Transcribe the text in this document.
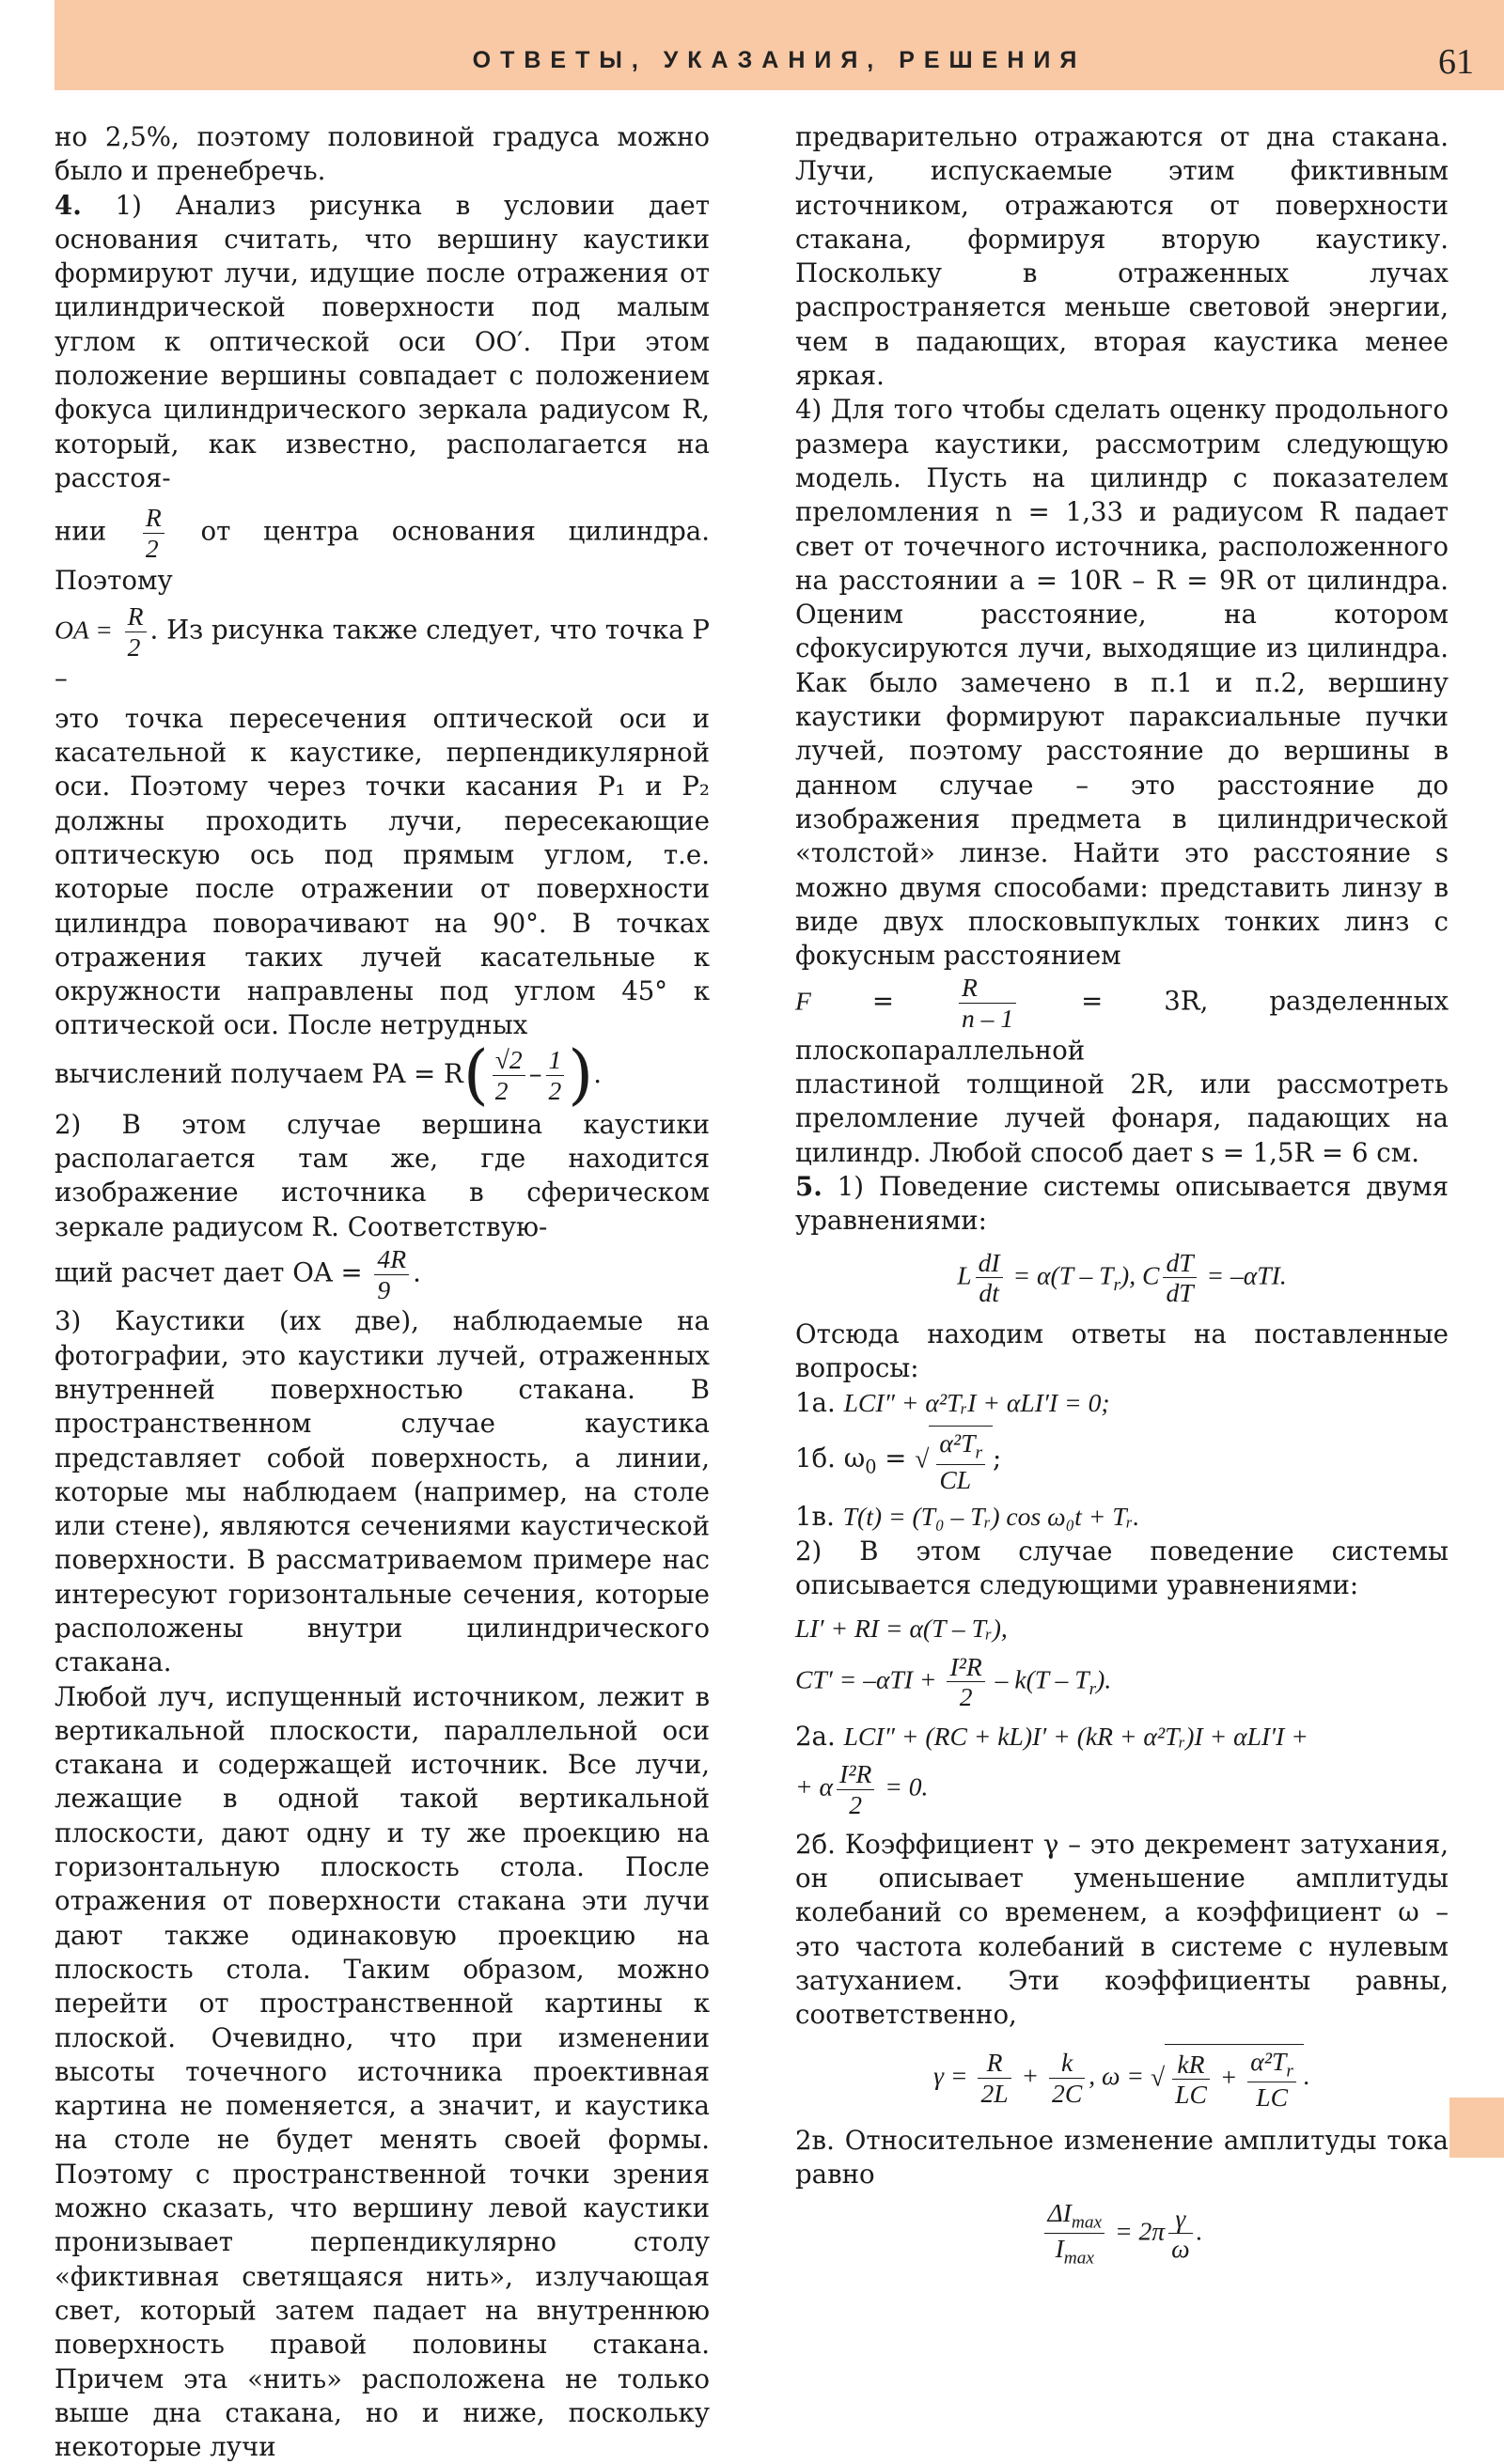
ОТВЕТЫ, УКАЗАНИЯ, РЕШЕНИЯ	61

но 2,5%, поэтому половиной градуса можно было и пренебречь.

4. 1) Анализ рисунка в условии дает основания считать, что вершину каустики формируют лучи, идущие после отражения от цилиндрической поверхности под малым углом к оптической оси OO′. При этом положение вершины совпадает с положением фокуса цилиндрического зеркала радиусом R, который, как известно, располагается на расстоя-

нии $\frac{R}{2}$ от центра основания цилиндра. Поэтому

OA = $\frac{R}{2}$ . Из рисунка также следует, что точка P –

это точка пересечения оптической оси и касательной к каустике, перпендикулярной оси. Поэтому через точки касания P₁ и P₂ должны проходить лучи, пересекающие оптическую ось под прямым углом, т.е. которые после отражении от поверхности цилиндра поворачивают на 90°. В точках отражения таких лучей касательные к окружности направлены под углом 45° к оптической оси. После нетрудных

вычислений получаем PA = $R( \frac{√2}{2} - \frac{1}{2}$ ).

2) В этом случае вершина каустики располагается там же, где находится изображение источника в сферическом зеркале радиусом R. Соответствую-

щий расчет дает OA = $\frac{4R}{9}$ .

3) Каустики (их две), наблюдаемые на фотографии, это каустики лучей, отраженных внутренней поверхностью стакана. В пространственном случае каустика представляет собой поверхность, а линии, которые мы наблюдаем (например, на столе или стене), являются сечениями каустической поверхности. В рассматриваемом примере нас интересуют горизонтальные сечения, которые расположены внутри цилиндрического стакана.

Любой луч, испущенный источником, лежит в вертикальной плоскости, параллельной оси стакана и содержащей источник. Все лучи, лежащие в одной такой вертикальной плоскости, дают одну и ту же проекцию на горизонтальную плоскость стола. После отражения от поверхности стакана эти лучи дают также одинаковую проекцию на плоскость стола. Таким образом, можно перейти от пространственной картины к плоской. Очевидно, что при изменении высоты точечного источника проективная картина не поменяется, а значит, и каустика на столе не будет менять своей формы. Поэтому с пространственной точки зрения можно сказать, что вершину левой каустики пронизывает перпендикулярно столу «фиктивная светящаяся нить», излучающая свет, который затем падает на внутреннюю поверхность правой половины стакана. Причем эта «нить» расположена не только выше дна стакана, но и ниже, поскольку некоторые лучи

предварительно отражаются от дна стакана. Лучи, испускаемые этим фиктивным источником, отражаются от поверхности стакана, формируя вторую каустику. Поскольку в отраженных лучах распространяется меньше световой энергии, чем в падающих, вторая каустика менее яркая.

4) Для того чтобы сделать оценку продольного размера каустики, рассмотрим следующую модель. Пусть на цилиндр с показателем преломления n = 1,33 и радиусом R падает свет от точечного источника, расположенного на расстоянии a = 10R – R = 9R от цилиндра. Оценим расстояние, на котором сфокусируются лучи, выходящие из цилиндра. Как было замечено в п.1 и п.2, вершину каустики формируют параксиальные пучки лучей, поэтому расстояние до вершины в данном случае – это расстояние до изображения предмета в цилиндрической «толстой» линзе. Найти это расстояние s можно двумя способами: представить линзу в виде двух плосковыпуклых тонких линз с фокусным расстоянием

$F = \frac{R}{n - 1}$	= 3R, разделенных плоскопараллельной

пластиной толщиной 2R, или рассмотреть преломление лучей фонаря, падающих на цилиндр. Любой способ дает s = 1,5R = 6 см.

5. 1) Поведение системы описывается двумя уравнениями:

L $\frac{dI}{dt} = \alpha(T - T_r)$, C $\frac{dT}{dT} = -\alpha TI$.

Отсюда находим ответы на поставленные вопросы:

1а. LCI″ + α²TᵣI + αLI′I = 0;

1б. $\omega_0$ = √ $\frac{\alpha^2T_r}{CL}$ ;

1в. T(t) = (T₀ – Tᵣ) cos ω₀t + Tᵣ.

2) В этом случае поведение системы описывается следующими уравнениями:

LI′ + RI = α(T – Tᵣ),
$CT' = -\alpha TI + \frac{\text{I²R}}{2} - k(T - T_r)$.

2а. LCI″ + (RC + kL)I′ + (kR + α²Tᵣ)I + αLI′I +

+ α $\frac{\text{I²R}}{2} = 0$.

2б. Коэффициент γ – это декремент затухания, он описывает уменьшение амплитуды колебаний со временем, а коэффициент ω – это частота колебаний в системе с нулевым затуханием. Эти коэффициенты равны, соответственно,

$\gamma = \frac{R}{2L} + \frac{k}{2C}$ , ω = √ $\frac{kR}{LC} + \frac{\alpha^2T_r}{LC}$ .

2в. Относительное изменение амплитуды тока равно

$\frac{\Delta I_{max}}{I_{max}} = 2\pi \frac{\gamma}{\omega}$ .
